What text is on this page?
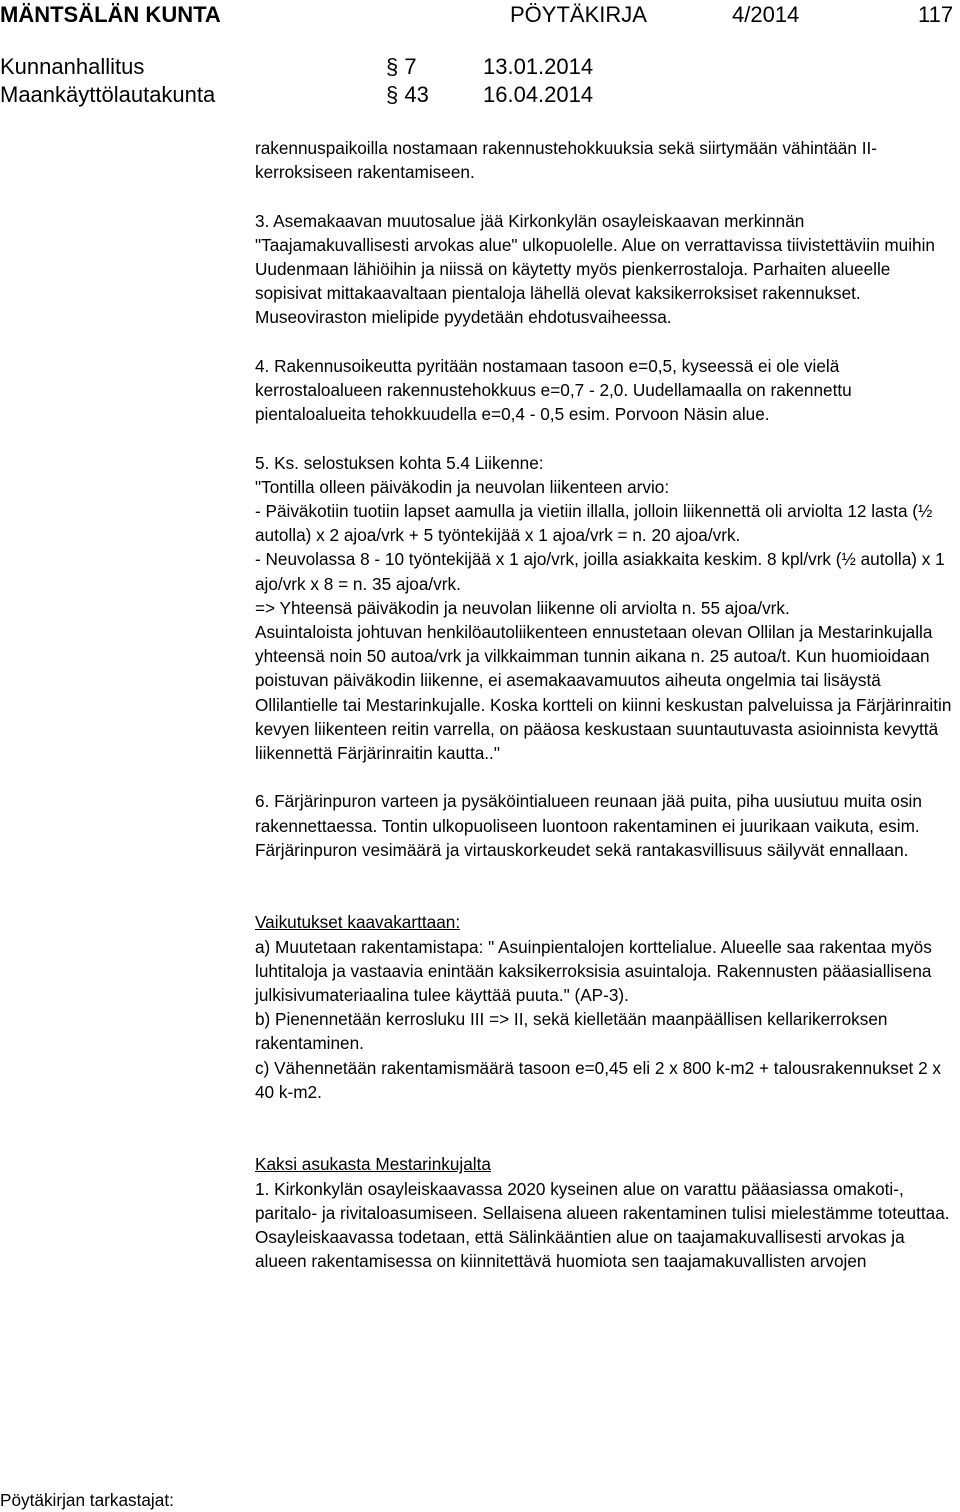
MÄNTSÄLÄN KUNTA	PÖYTÄKIRJA	4/2014	117
Kunnanhallitus	§ 7	13.01.2014
Maankäyttölautakunta	§ 43 16.04.2014

rakennuspaikoilla nostamaan rakennustehokkuuksia sekä siirtymään vähintään II-kerroksiseen rakentamiseen.

3. Asemakaavan muutosalue jää Kirkonkylän osayleiskaavan merkinnän "Taajamakuvallisesti arvokas alue" ulkopuolelle. Alue on verrattavissa tiivistettäviin muihin Uudenmaan lähiöihin ja niissä on käytetty myös pienkerrostaloja. Parhaiten alueelle sopisivat mittakaavaltaan pientaloja lähellä olevat kaksikerroksiset rakennukset. Museoviraston mielipide pyydetään ehdotusvaiheessa.

4. Rakennusoikeutta pyritään nostamaan tasoon e=0,5, kyseessä ei ole vielä kerrostaloalueen rakennustehokkuus e=0,7 - 2,0. Uudellamaalla on rakennettu pientaloalueita tehokkuudella e=0,4 - 0,5 esim. Porvoon Näsin alue.

5. Ks. selostuksen kohta 5.4 Liikenne:
"Tontilla olleen päiväkodin ja neuvolan liikenteen arvio:
- Päiväkotiin tuotiin lapset aamulla ja vietiin illalla, jolloin liikennettä oli arviolta 12 lasta (½ autolla) x 2 ajoa/vrk + 5 työntekijää x 1 ajoa/vrk = n. 20 ajoa/vrk.
- Neuvolassa 8 - 10 työntekijää x 1 ajo/vrk, joilla asiakkaita keskim. 8 kpl/vrk (½ autolla) x 1 ajo/vrk x 8 = n. 35 ajoa/vrk.
=> Yhteensä päiväkodin ja neuvolan liikenne oli arviolta n. 55 ajoa/vrk.
Asuintaloista johtuvan henkilöautoliikenteen ennustetaan olevan Ollilan ja Mestarinkujalla yhteensä noin 50 autoa/vrk ja vilkkaimman tunnin aikana n. 25 autoa/t. Kun huomioidaan poistuvan päiväkodin liikenne, ei asemakaavamuutos aiheuta ongelmia tai lisäystä Ollilantielle tai Mestarinkujalle. Koska kortteli on kiinni keskustan palveluissa ja Färjärinraitin kevyen liikenteen reitin varrella, on pääosa keskustaan suuntautuvasta asioinnista kevyttä liikennettä Färjärinraitin kautta.."

6. Färjärinpuron varteen ja pysäköintialueen reunaan jää puita, piha uusiutuu muita osin rakennettaessa. Tontin ulkopuoliseen luontoon rakentaminen ei juurikaan vaikuta, esim. Färjärinpuron vesimäärä ja virtauskorkeudet sekä rantakasvillisuus säilyvät ennallaan.

Vaikutukset kaavakarttaan:
a) Muutetaan rakentamistapa: " Asuinpientalojen korttelialue. Alueelle saa rakentaa myös luhtitaloja ja vastaavia enintään kaksikerroksisia asuintaloja. Rakennusten pääasiallisena julkisivumateriaalina tulee käyttää puuta." (AP-3).
b) Pienennetään kerrosluku III => II, sekä kielletään maanpäällisen kellarikerroksen rakentaminen.
c) Vähennetään rakentamismäärä tasoon e=0,45 eli 2 x 800 k-m2 + talousrakennukset 2 x 40 k-m2.
Kaksi asukasta Mestarinkujalta
1. Kirkonkylän osayleiskaavassa 2020 kyseinen alue on varattu pääasiassa omakoti-, paritalo- ja rivitaloasumiseen. Sellaisena alueen rakentaminen tulisi mielestämme toteuttaa. Osayleiskaavassa todetaan, että Sälinkääntien alue on taajamakuvallisesti arvokas ja alueen rakentamisessa on kiinnitettävä huomiota sen taajamakuvallisten arvojen
Pöytäkirjan tarkastajat:
